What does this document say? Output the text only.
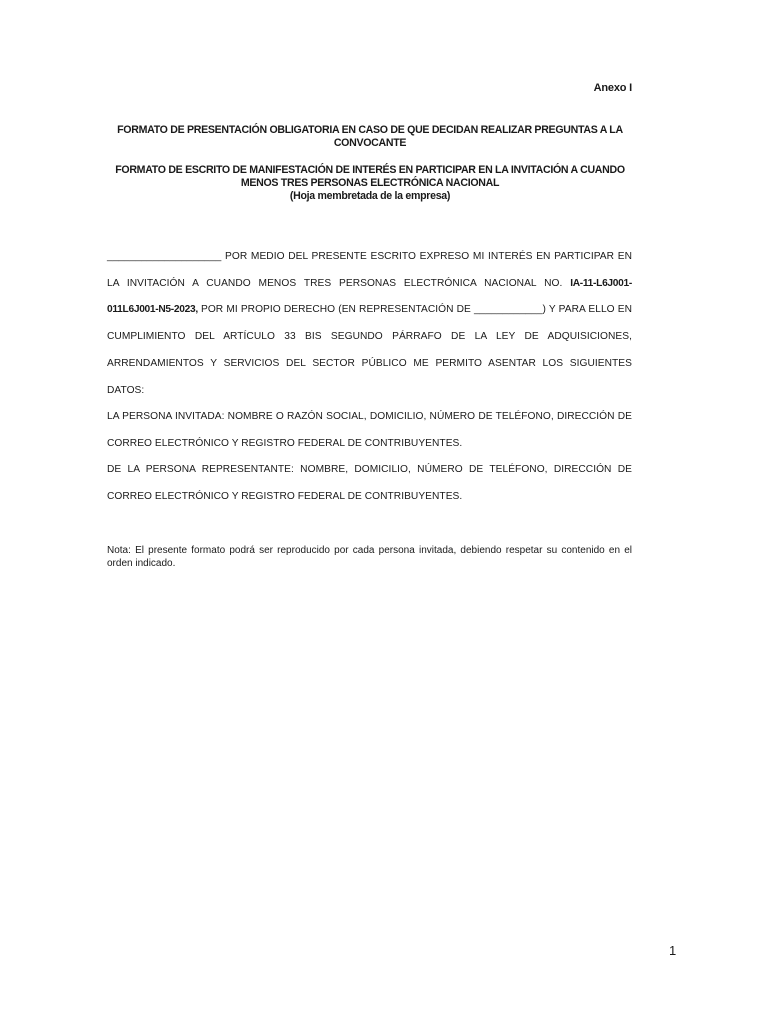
Anexo I
FORMATO DE PRESENTACIÓN OBLIGATORIA EN CASO DE QUE DECIDAN REALIZAR PREGUNTAS A LA CONVOCANTE
FORMATO DE ESCRITO DE MANIFESTACIÓN DE INTERÉS EN PARTICIPAR EN LA INVITACIÓN A CUANDO MENOS TRES PERSONAS ELECTRÓNICA NACIONAL
(Hoja membretada de la empresa)
____________________ POR MEDIO DEL PRESENTE ESCRITO EXPRESO MI INTERÉS EN PARTICIPAR EN LA INVITACIÓN A CUANDO MENOS TRES PERSONAS ELECTRÓNICA NACIONAL NO. IA-11-L6J001-011L6J001-N5-2023, POR MI PROPIO DERECHO (EN REPRESENTACIÓN DE ____________) Y PARA ELLO EN CUMPLIMIENTO DEL ARTÍCULO 33 BIS SEGUNDO PÁRRAFO DE LA LEY DE ADQUISICIONES, ARRENDAMIENTOS Y SERVICIOS DEL SECTOR PÚBLICO ME PERMITO ASENTAR LOS SIGUIENTES DATOS:
LA PERSONA INVITADA: NOMBRE O RAZÓN SOCIAL, DOMICILIO, NÚMERO DE TELÉFONO, DIRECCIÓN DE CORREO ELECTRÓNICO Y REGISTRO FEDERAL DE CONTRIBUYENTES.
DE LA PERSONA REPRESENTANTE: NOMBRE, DOMICILIO, NÚMERO DE TELÉFONO, DIRECCIÓN DE CORREO ELECTRÓNICO Y REGISTRO FEDERAL DE CONTRIBUYENTES.
Nota: El presente formato podrá ser reproducido por cada persona invitada, debiendo respetar su contenido en el orden indicado.
1
